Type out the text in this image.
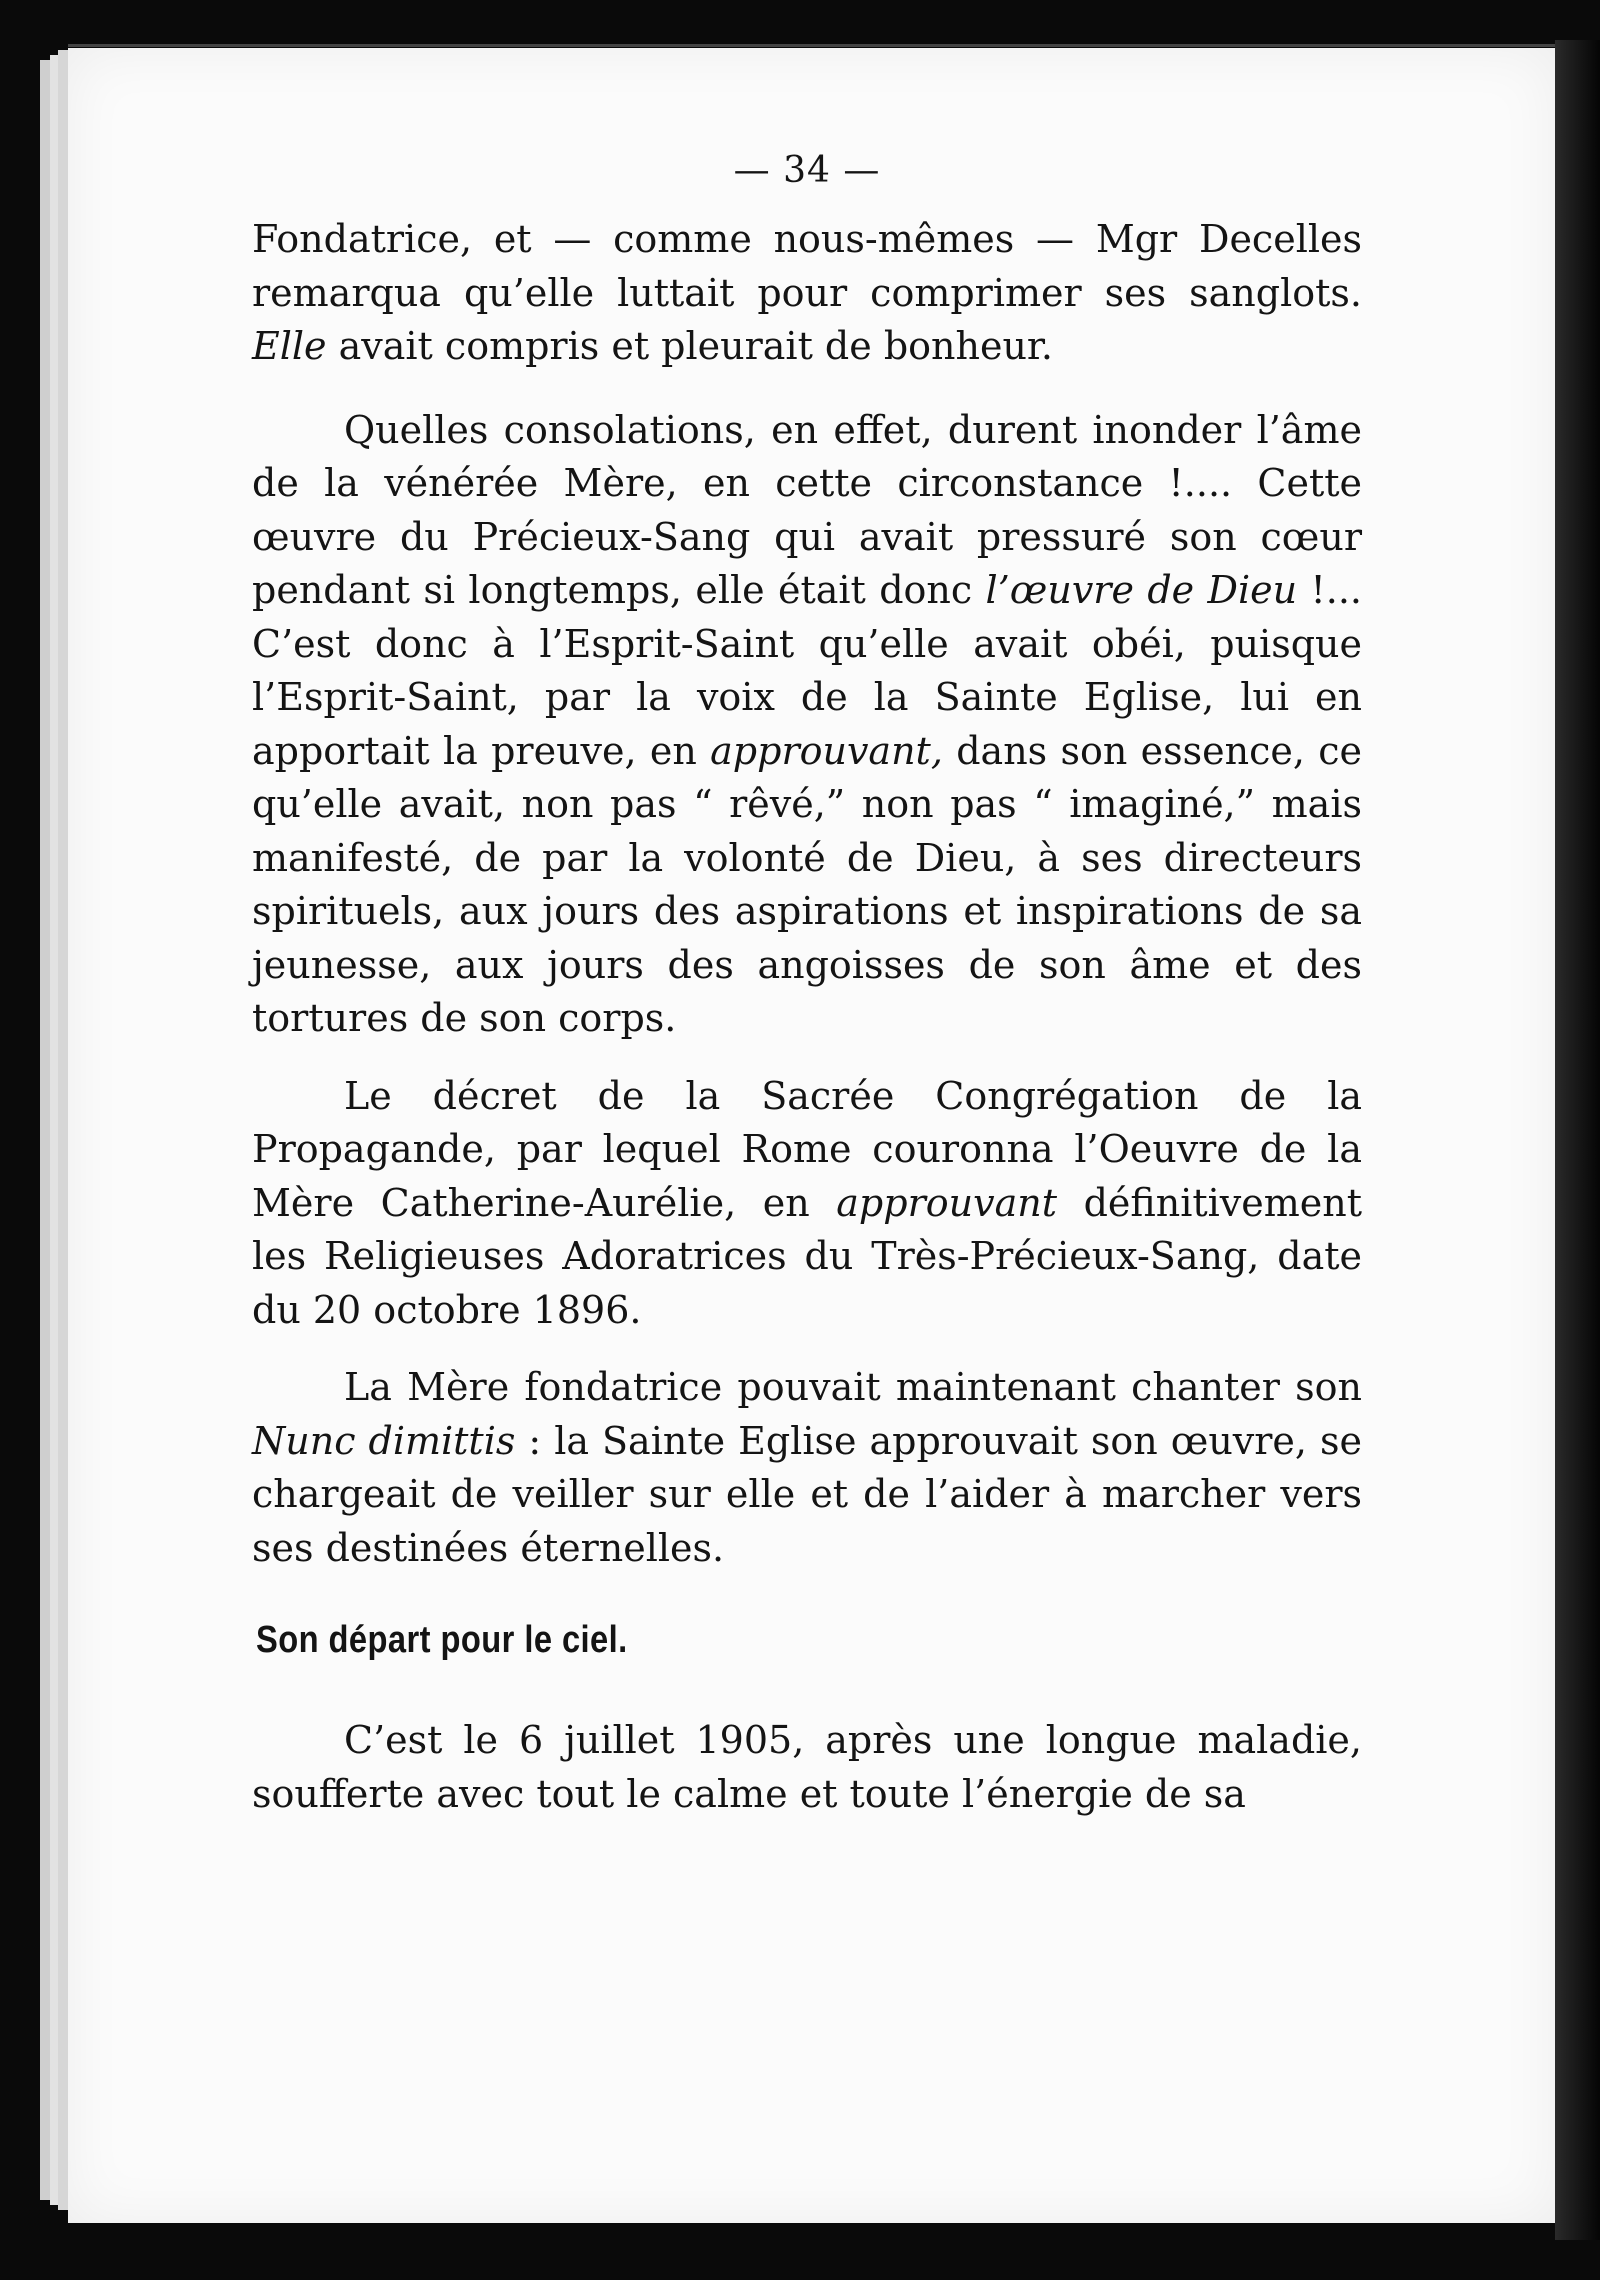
— 34 —

Fondatrice, et — comme nous-mêmes — Mgr Decelles remarqua qu’elle luttait pour comprimer ses sanglots. Elle avait compris et pleurait de bonheur.

Quelles consolations, en effet, durent inonder l’âme de la vénérée Mère, en cette circonstance !.... Cette œuvre du Précieux-Sang qui avait pressuré son cœur pendant si longtemps, elle était donc l’œuvre de Dieu !... C’est donc à l’Esprit-Saint qu’elle avait obéi, puisque l’Esprit-Saint, par la voix de la Sainte Eglise, lui en apportait la preuve, en approuvant, dans son essence, ce qu’elle avait, non pas “ rêvé,” non pas “ imaginé,” mais manifesté, de par la volonté de Dieu, à ses directeurs spirituels, aux jours des aspirations et inspirations de sa jeunesse, aux jours des angoisses de son âme et des tortures de son corps.

Le décret de la Sacrée Congrégation de la Propagande, par lequel Rome couronna l’Oeuvre de la Mère Catherine-Aurélie, en approuvant définitivement les Religieuses Adoratrices du Très-Précieux-Sang, date du 20 octobre 1896.

La Mère fondatrice pouvait maintenant chanter son Nunc dimittis : la Sainte Eglise approuvait son œuvre, se chargeait de veiller sur elle et de l’aider à marcher vers ses destinées éternelles.

Son départ pour le ciel.

C’est le 6 juillet 1905, après une longue maladie, soufferte avec tout le calme et toute l’énergie de sa
